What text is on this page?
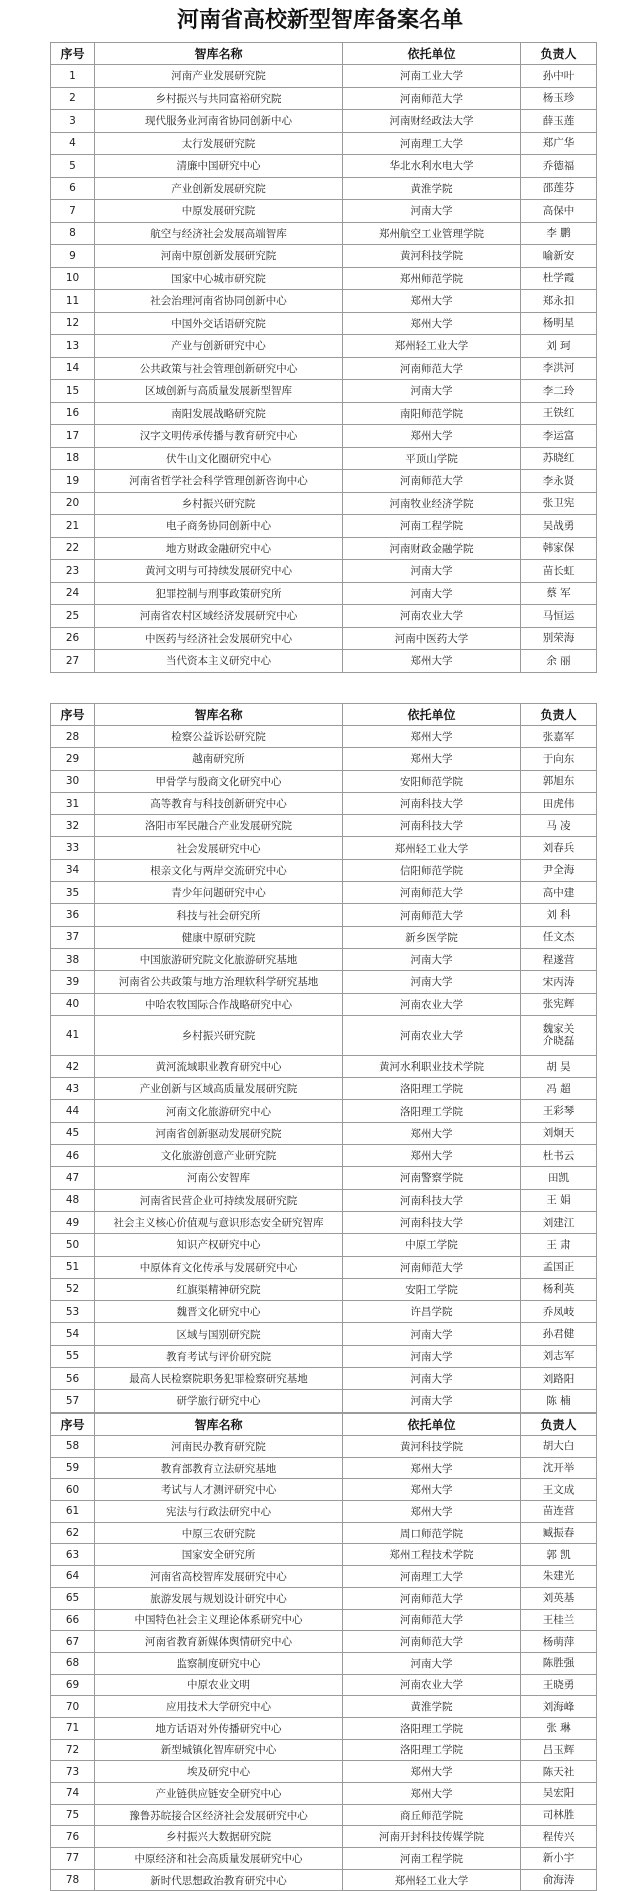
河南省高校新型智库备案名单
序号	智库名称	依托单位	负责人
1	河南产业发展研究院	河南工业大学	孙中叶
2	乡村振兴与共同富裕研究院	河南师范大学	杨玉珍
3	现代服务业河南省协同创新中心	河南财经政法大学	薛玉莲
4	太行发展研究院	河南理工大学	郑广华
5	清廉中国研究中心	华北水利水电大学	乔德福
6	产业创新发展研究院	黄淮学院	邵莲芬
7	中原发展研究院	河南大学	高保中
8	航空与经济社会发展高端智库	郑州航空工业管理学院	李 鹏
9	河南中原创新发展研究院	黄河科技学院	喻新安
10	国家中心城市研究院	郑州师范学院	杜学霞
11	社会治理河南省协同创新中心	郑州大学	郑永扣
12	中国外交话语研究院	郑州大学	杨明星
13	产业与创新研究中心	郑州轻工业大学	刘 珂
14	公共政策与社会管理创新研究中心	河南师范大学	李洪河
15	区域创新与高质量发展新型智库	河南大学	李二玲
16	南阳发展战略研究院	南阳师范学院	王铁红
17	汉字文明传承传播与教育研究中心	郑州大学	李运富
18	伏牛山文化圈研究中心	平顶山学院	苏晓红
19	河南省哲学社会科学管理创新咨询中心	河南师范大学	李永贤
20	乡村振兴研究院	河南牧业经济学院	张卫宪
21	电子商务协同创新中心	河南工程学院	吴战勇
22	地方财政金融研究中心	河南财政金融学院	韩家保
23	黄河文明与可持续发展研究中心	河南大学	苗长虹
24	犯罪控制与刑事政策研究所	河南大学	蔡 军
25	河南省农村区域经济发展研究中心	河南农业大学	马恒运
26	中医药与经济社会发展研究中心	河南中医药大学	别荣海
27	当代资本主义研究中心	郑州大学	余 丽
序号	智库名称	依托单位	负责人
28	检察公益诉讼研究院	郑州大学	张嘉军
29	越南研究所	郑州大学	于向东
30	甲骨学与殷商文化研究中心	安阳师范学院	郭旭东
31	高等教育与科技创新研究中心	河南科技大学	田虎伟
32	洛阳市军民融合产业发展研究院	河南科技大学	马 凌
33	社会发展研究中心	郑州轻工业大学	刘春兵
34	根亲文化与两岸交流研究中心	信阳师范学院	尹全海
35	青少年问题研究中心	河南师范大学	高中建
36	科技与社会研究所	河南师范大学	刘 科
37	健康中原研究院	新乡医学院	任文杰
38	中国旅游研究院文化旅游研究基地	河南大学	程遂营
39	河南省公共政策与地方治理软科学研究基地	河南大学	宋丙涛
40	中哈农牧国际合作战略研究中心	河南农业大学	张宪辉
41	乡村振兴研究院	河南农业大学	魏家关
介晓磊
42	黄河流域职业教育研究中心	黄河水利职业技术学院	胡 昊
43	产业创新与区域高质量发展研究院	洛阳理工学院	冯 超
44	河南文化旅游研究中心	洛阳理工学院	王彩琴
45	河南省创新驱动发展研究院	郑州大学	刘炯天
46	文化旅游创意产业研究院	郑州大学	杜书云
47	河南公安智库	河南警察学院	田凯
48	河南省民营企业可持续发展研究院	河南科技大学	王 娟
49	社会主义核心价值观与意识形态安全研究智库	河南科技大学	刘建江
50	知识产权研究中心	中原工学院	王 肃
51	中原体育文化传承与发展研究中心	河南师范大学	孟国正
52	红旗渠精神研究院	安阳工学院	杨利英
53	魏晋文化研究中心	许昌学院	乔凤岐
54	区域与国别研究院	河南大学	孙君健
55	教育考试与评价研究院	河南大学	刘志军
56	最高人民检察院职务犯罪检察研究基地	河南大学	刘路阳
57	研学旅行研究中心	河南大学	陈 楠
序号	智库名称	依托单位	负责人
58	河南民办教育研究院	黄河科技学院	胡大白
59	教育部教育立法研究基地	郑州大学	沈开举
60	考试与人才测评研究中心	郑州大学	王文成
61	宪法与行政法研究中心	郑州大学	苗连营
62	中原三农研究院	周口师范学院	臧振春
63	国家安全研究所	郑州工程技术学院	郭 凯
64	河南省高校智库发展研究中心	河南理工大学	朱建光
65	旅游发展与规划设计研究中心	河南师范大学	刘英基
66	中国特色社会主义理论体系研究中心	河南师范大学	王桂兰
67	河南省教育新媒体舆情研究中心	河南师范大学	杨萌萍
68	监察制度研究中心	河南大学	陈胜强
69	中原农业文明	河南农业大学	王晓勇
70	应用技术大学研究中心	黄淮学院	刘海峰
71	地方话语对外传播研究中心	洛阳理工学院	张 琳
72	新型城镇化智库研究中心	洛阳理工学院	吕玉辉
73	埃及研究中心	郑州大学	陈天社
74	产业链供应链安全研究中心	郑州大学	吴宏阳
75	豫鲁苏皖接合区经济社会发展研究中心	商丘师范学院	司林胜
76	乡村振兴大数据研究院	河南开封科技传媒学院	程传兴
77	中原经济和社会高质量发展研究中心	河南工程学院	新小宇
78	新时代思想政治教育研究中心	郑州轻工业大学	俞海涛
